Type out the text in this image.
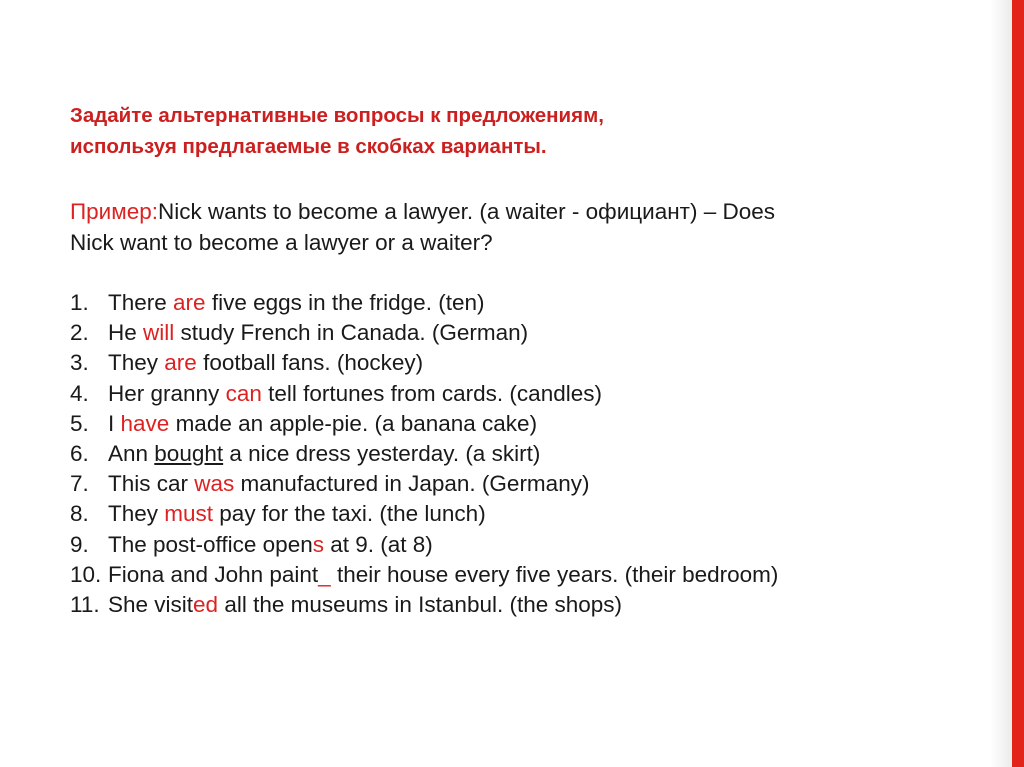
Задайте альтернативные вопросы к предложениям,
используя предлагаемые в скобках варианты.

Пример:Nick wants to become a lawyer. (a waiter - официант) – Does
Nick want to become a lawyer or a waiter?
1. There are five eggs in the fridge. (ten)
2. He will study French in Canada. (German)
3. They are football fans. (hockey)
4. Her granny can tell fortunes from cards. (candles)
5. I have made an apple-pie. (a banana cake)
6. Ann bought a nice dress yesterday. (a skirt)
7. This car was manufactured in Japan. (Germany)
8. They must pay for the taxi. (the lunch)
9. The post-office opens at 9. (at 8)
10. Fiona and John paint_ their house every five years. (their bedroom)
11. She visited all the museums in Istanbul. (the shops)
